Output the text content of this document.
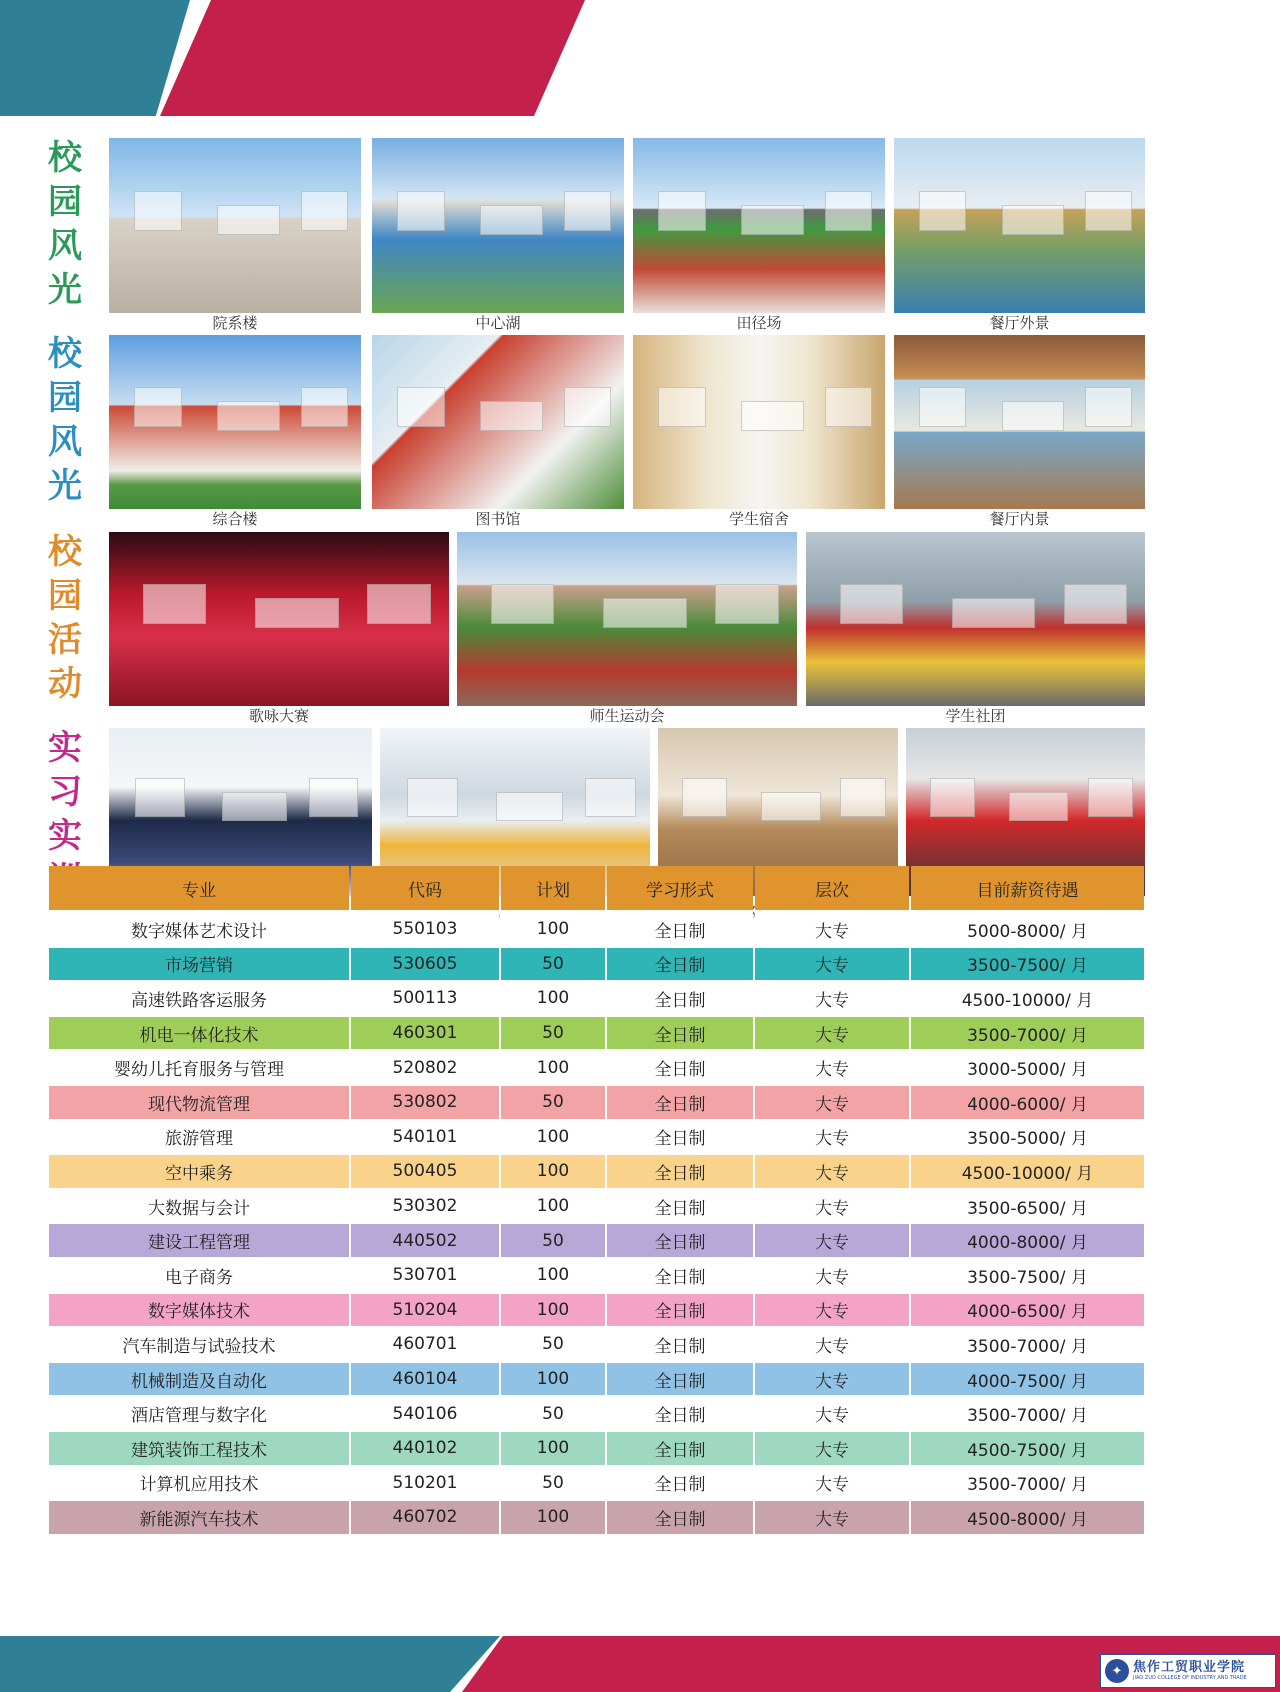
校园风光
校园风光
校园活动
实习实
院系楼	中心湖	田径场	餐厅外景
综合楼	图书馆	学生宿舍	餐厅内景
歌咏大赛	师生运动会	学生社团
专业	代码	计划	学习形式	层次	目前薪资待遇
数字媒体艺术设计	550103	100	全日制	大专	5000-8000/ 月
市场营销	530605	50	全日制	大专	3500-7500/ 月
高速铁路客运服务	500113	100	全日制	大专	4500-10000/ 月
机电一体化技术	460301	50	全日制	大专	3500-7000/ 月
婴幼儿托育服务与管理	520802	100	全日制	大专	3000-5000/ 月
现代物流管理	530802	50	全日制	大专	4000-6000/ 月
旅游管理	540101	100	全日制	大专	3500-5000/ 月
空中乘务	500405	100	全日制	大专	4500-10000/ 月
大数据与会计	530302	100	全日制	大专	3500-6500/ 月
建设工程管理	440502	50	全日制	大专	4000-8000/ 月
电子商务	530701	100	全日制	大专	3500-7500/ 月
数字媒体技术	510204	100	全日制	大专	4000-6500/ 月
汽车制造与试验技术	460701	50	全日制	大专	3500-7000/ 月
机械制造及自动化	460104	100	全日制	大专	4000-7500/ 月
酒店管理与数字化	540106	50	全日制	大专	3500-7000/ 月
建筑装饰工程技术	440102	100	全日制	大专	4500-7500/ 月
计算机应用技术	510201	50	全日制	大专	3500-7000/ 月
新能源汽车技术	460702	100	全日制	大专	4500-8000/ 月
✦ 焦作工贸职业学院
JIAO ZUO COLLEGE OF INDUSTRY AND TRADE
